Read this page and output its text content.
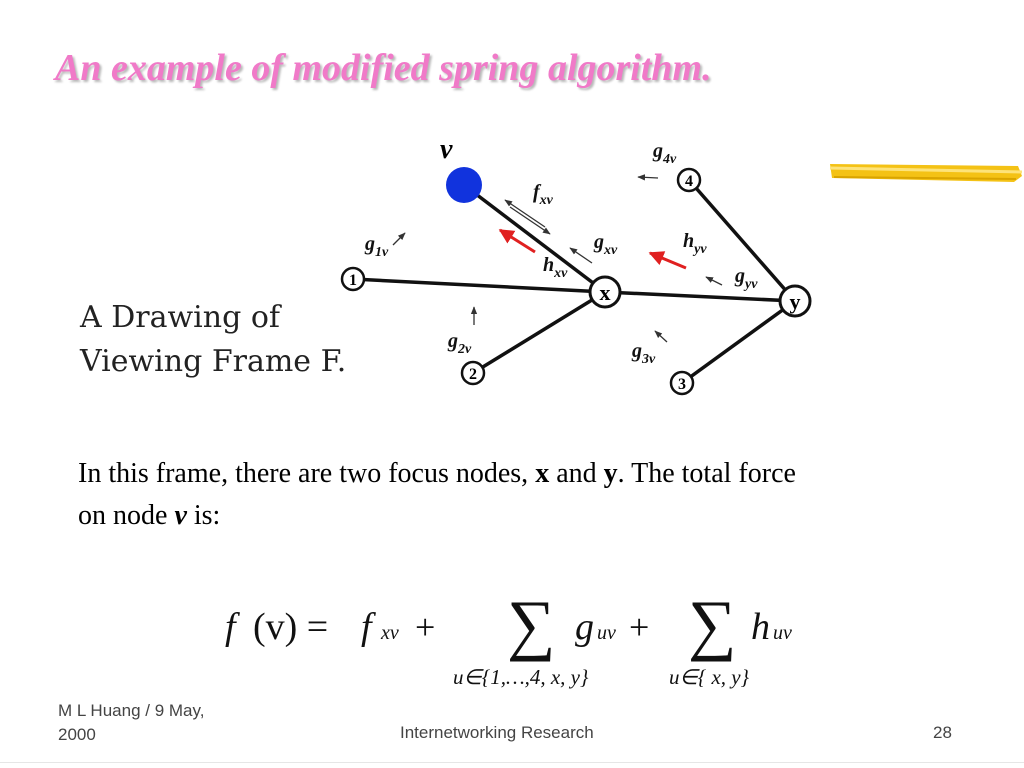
An example of modified spring algorithm.
A Drawing of
Viewing Frame F.
v
1
2
3
4
x	y
$g_{1v}$
$g_{2v}$	$g_{3v}$
$g_{4v}$
$f_{xv}$
$g_{xv}$
$h_{xv}$
$h_{yv}$
$g_{yv}$
In this frame, there are two focus nodes, x and y. The total force
on node v is:
f (v) = f xv + ∑ g uv + ∑ h uv
u∈{1,…,4, x, y}	u∈{ x, y}
M L Huang / 9 May,
2000	Internetworking Research	28
